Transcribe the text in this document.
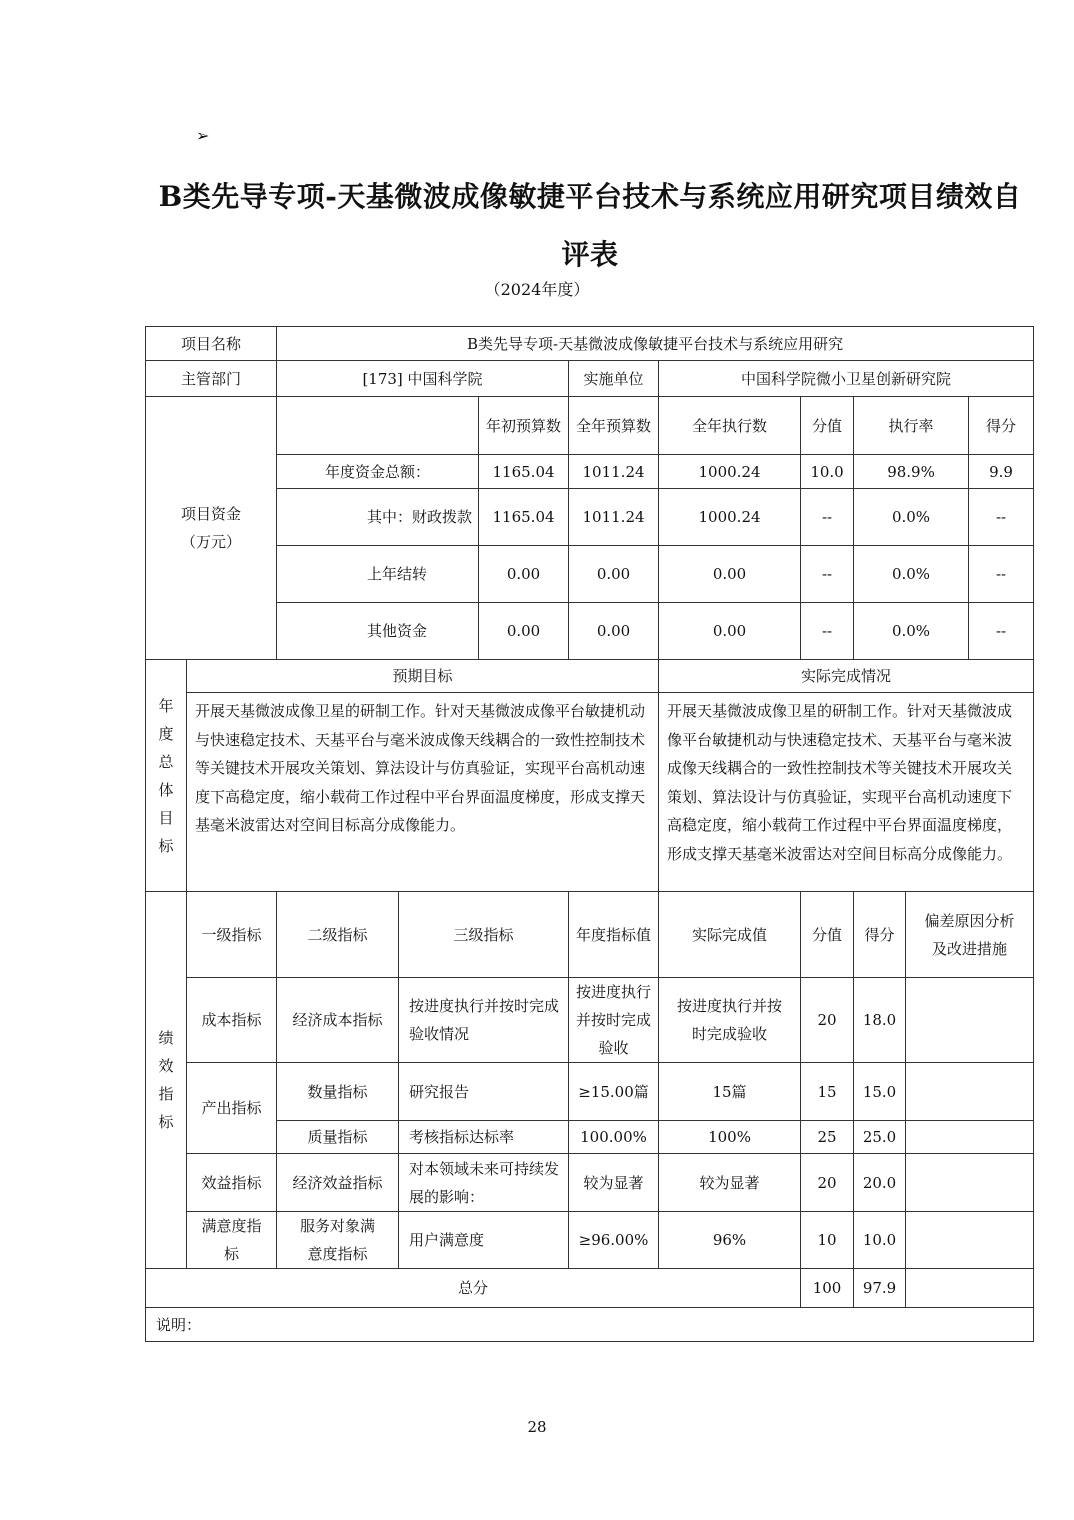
➢
B类先导专项-天基微波成像敏捷平台技术与系统应用研究项目绩效自评表
（2024年度）
项目名称		B类先导专项-天基微波成像敏捷平台技术与系统应用研究								
主管部门		[173] 中国科学院			实施单位	中国科学院微小卫星创新研究院				
项目资金（万元）				年初预算数	全年预算数	全年执行数	分值	执行率		得分
		年度资金总额：		1165.04	1011.24	1000.24	10.0	98.9%		9.9
		其中：财政拨款		1165.04	1011.24	1000.24	--	0.0%		--
		上年结转		0.00	0.00	0.00	--	0.0%		--
		其他资金		0.00	0.00	0.00	--	0.0%		--
年度总体目标	预期目标					实际完成情况				
	开展天基微波成像卫星的研制工作。针对天基微波成像平台敏捷机动与快速稳定技术、天基平台与毫米波成像天线耦合的一致性控制技术等关键技术开展攻关策划、算法设计与仿真验证，实现平台高机动速度下高稳定度，缩小载荷工作过程中平台界面温度梯度，形成支撑天基毫米波雷达对空间目标高分成像能力。					开展天基微波成像卫星的研制工作。针对天基微波成像平台敏捷机动与快速稳定技术、天基平台与毫米波成像天线耦合的一致性控制技术等关键技术开展攻关策划、算法设计与仿真验证，实现平台高机动速度下高稳定度，缩小载荷工作过程中平台界面温度梯度，形成支撑天基毫米波雷达对空间目标高分成像能力。				
绩效指标	一级指标	二级指标	三级指标		年度指标值	实际完成值	分值	得分	偏差原因分析及改进措施	
	成本指标	经济成本指标	按进度执行并按时完成验收情况		按进度执行并按时完成验收	按进度执行并按时完成验收	20	18.0		
	产出指标	数量指标	研究报告		≥15.00篇	15篇	15	15.0		
		质量指标	考核指标达标率		100.00%	100%	25	25.0		
	效益指标	经济效益指标	对本领域未来可持续发展的影响：		较为显著	较为显著	20	20.0		
	满意度指标	服务对象满意度指标	用户满意度		≥96.00%	96%	10	10.0		
总分							100	97.9		
说明：										
28
